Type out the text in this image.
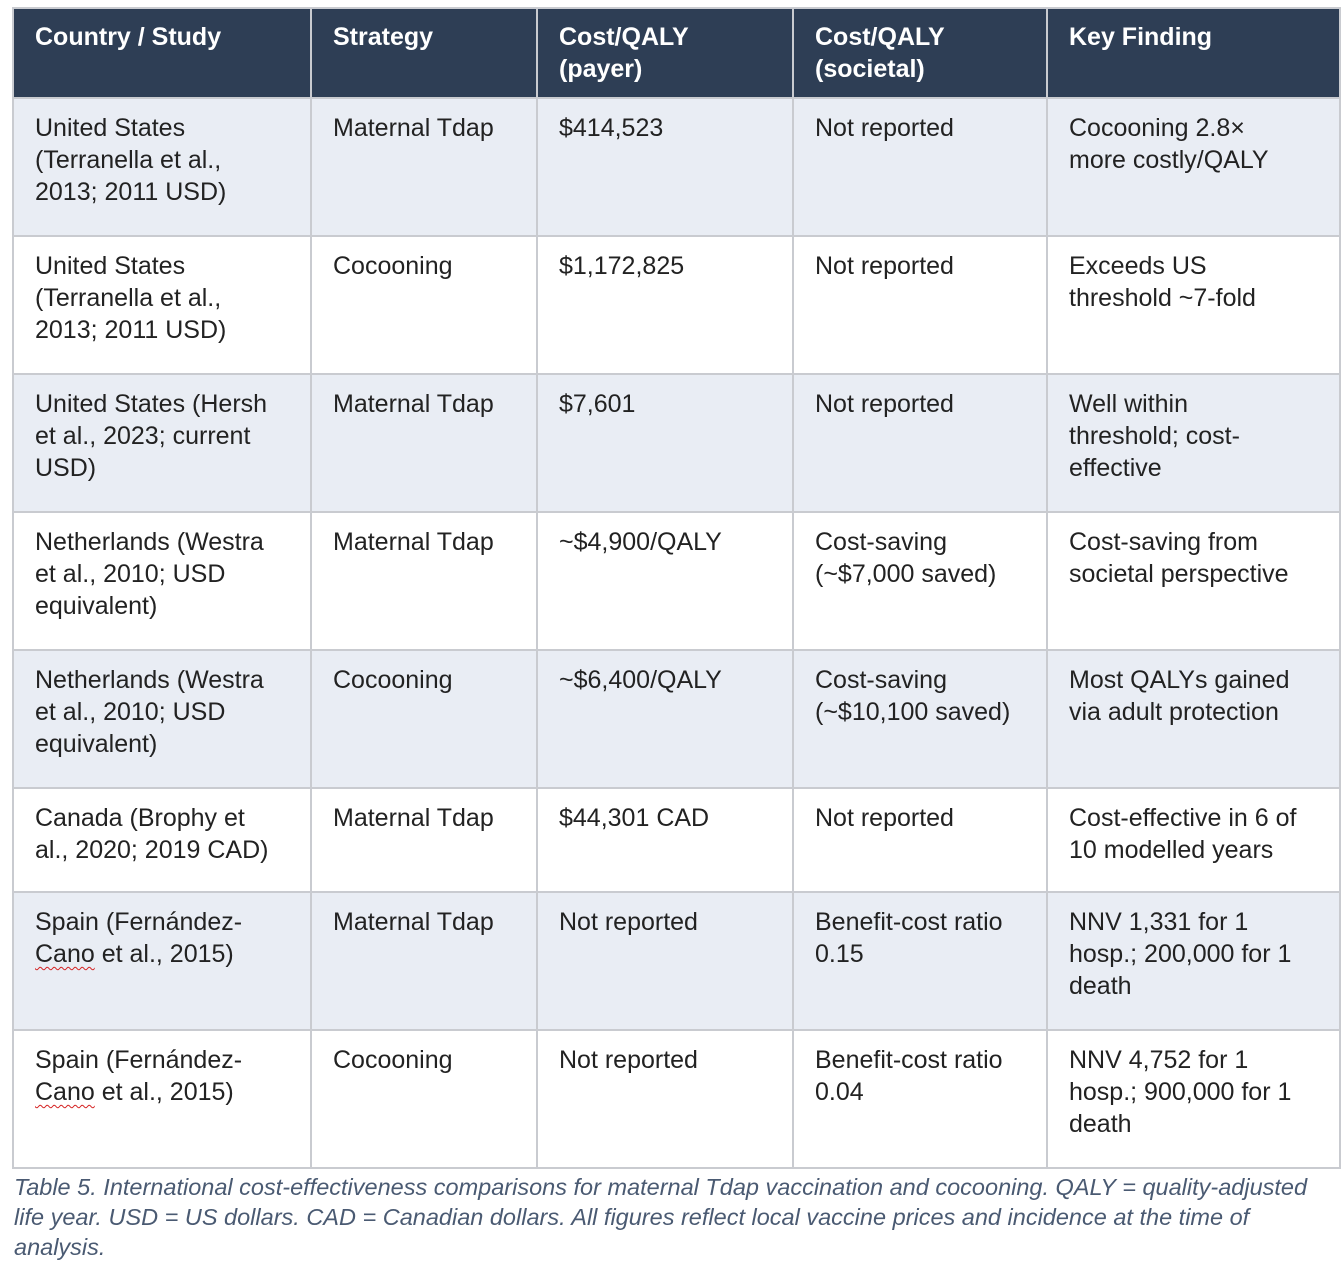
Country / Study	Strategy	Cost/QALY (payer)	Cost/QALY (societal)	Key Finding
United States
(Terranella et al.,
2013; 2011 USD)	Maternal Tdap	$414,523	Not reported	Cocooning 2.8× more costly/QALY
United States
(Terranella et al.,
2013; 2011 USD)	Cocooning	$1,172,825	Not reported	Exceeds US threshold ~7-fold
United States (Hersh
et al., 2023; current
USD)	Maternal Tdap	$7,601	Not reported	Well within threshold; cost-effective
Netherlands (Westra
et al., 2010; USD
equivalent)	Maternal Tdap	~$4,900/QALY	Cost-saving (~$7,000 saved)	Cost-saving from societal perspective
Netherlands (Westra
et al., 2010; USD
equivalent)	Cocooning	~$6,400/QALY	Cost-saving (~$10,100 saved)	Most QALYs gained via adult protection
Canada (Brophy et
al., 2020; 2019 CAD)	Maternal Tdap	$44,301 CAD	Not reported	Cost-effective in 6 of 10 modelled years
Spain (Fernández-
Cano et al., 2015)	Maternal Tdap	Not reported	Benefit-cost ratio 0.15	NNV 1,331 for 1 hosp.; 200,000 for 1 death
Spain (Fernández-
Cano et al., 2015)	Cocooning	Not reported	Benefit-cost ratio 0.04	NNV 4,752 for 1 hosp.; 900,000 for 1 death

Table 5. International cost-effectiveness comparisons for maternal Tdap vaccination and cocooning. QALY = quality-adjusted life year. USD = US dollars. CAD = Canadian dollars. All figures reflect local vaccine prices and incidence at the time of analysis.
